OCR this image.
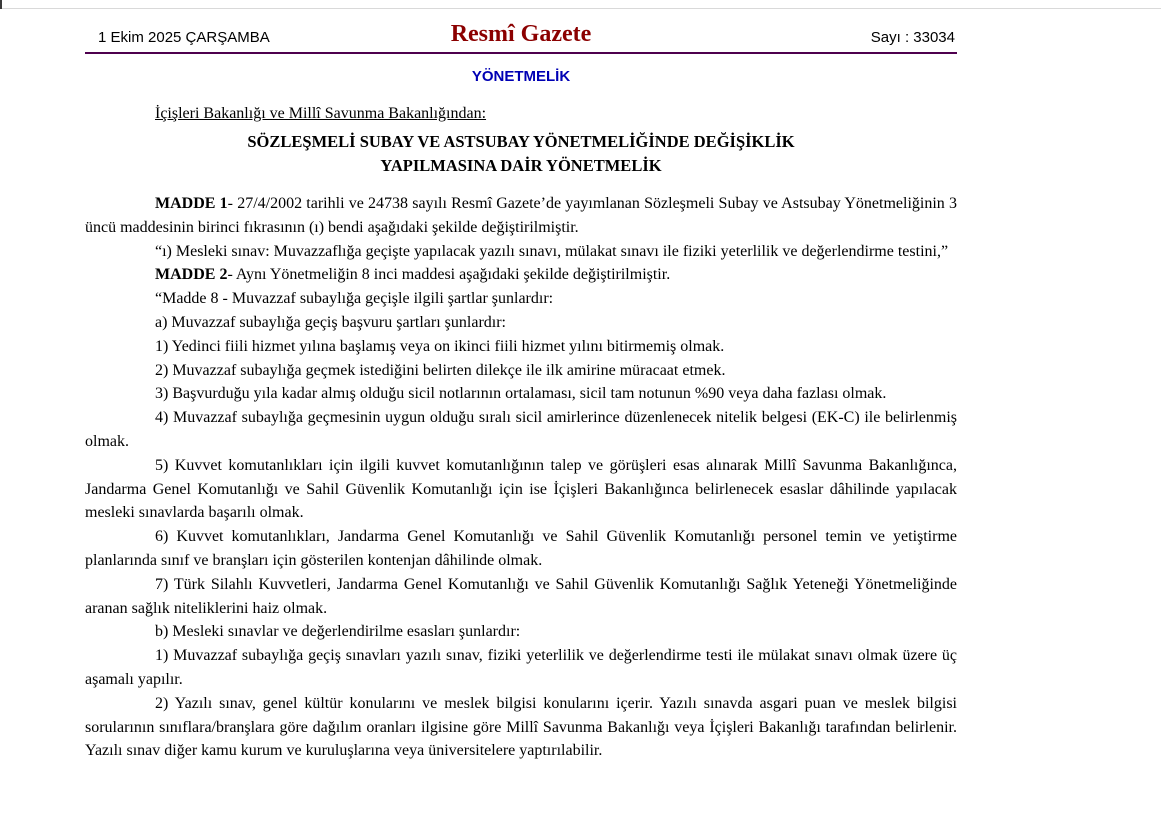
1 Ekim 2025 ÇARŞAMBA	Resmî Gazete	Sayı : 33034
YÖNETMELİK
İçişleri Bakanlığı ve Millî Savunma Bakanlığından:
SÖZLEŞMELİ SUBAY VE ASTSUBAY YÖNETMELİĞİNDE DEĞİŞİKLİK
YAPILMASINA DAİR YÖNETMELİK

MADDE 1- 27/4/2002 tarihli ve 24738 sayılı Resmî Gazete’de yayımlanan Sözleşmeli Subay ve Astsubay Yönetmeliğinin 3 üncü maddesinin birinci fıkrasının (ı) bendi aşağıdaki şekilde değiştirilmiştir.

“ı) Mesleki sınav: Muvazzaflığa geçişte yapılacak yazılı sınavı, mülakat sınavı ile fiziki yeterlilik ve değerlendirme testini,”

MADDE 2- Aynı Yönetmeliğin 8 inci maddesi aşağıdaki şekilde değiştirilmiştir.

“Madde 8 - Muvazzaf subaylığa geçişle ilgili şartlar şunlardır:

a) Muvazzaf subaylığa geçiş başvuru şartları şunlardır:

1) Yedinci fiili hizmet yılına başlamış veya on ikinci fiili hizmet yılını bitirmemiş olmak.

2) Muvazzaf subaylığa geçmek istediğini belirten dilekçe ile ilk amirine müracaat etmek.

3) Başvurduğu yıla kadar almış olduğu sicil notlarının ortalaması, sicil tam notunun %90 veya daha fazlası olmak.

4) Muvazzaf subaylığa geçmesinin uygun olduğu sıralı sicil amirlerince düzenlenecek nitelik belgesi (EK-C) ile belirlenmiş olmak.

5) Kuvvet komutanlıkları için ilgili kuvvet komutanlığının talep ve görüşleri esas alınarak Millî Savunma Bakanlığınca, Jandarma Genel Komutanlığı ve Sahil Güvenlik Komutanlığı için ise İçişleri Bakanlığınca belirlenecek esaslar dâhilinde yapılacak mesleki sınavlarda başarılı olmak.

6) Kuvvet komutanlıkları, Jandarma Genel Komutanlığı ve Sahil Güvenlik Komutanlığı personel temin ve yetiştirme planlarında sınıf ve branşları için gösterilen kontenjan dâhilinde olmak.

7) Türk Silahlı Kuvvetleri, Jandarma Genel Komutanlığı ve Sahil Güvenlik Komutanlığı Sağlık Yeteneği Yönetmeliğinde aranan sağlık niteliklerini haiz olmak.

b) Mesleki sınavlar ve değerlendirilme esasları şunlardır:

1) Muvazzaf subaylığa geçiş sınavları yazılı sınav, fiziki yeterlilik ve değerlendirme testi ile mülakat sınavı olmak üzere üç aşamalı yapılır.

2) Yazılı sınav, genel kültür konularını ve meslek bilgisi konularını içerir. Yazılı sınavda asgari puan ve meslek bilgisi sorularının sınıflara/branşlara göre dağılım oranları ilgisine göre Millî Savunma Bakanlığı veya İçişleri Bakanlığı tarafından belirlenir. Yazılı sınav diğer kamu kurum ve kuruluşlarına veya üniversitelere yaptırılabilir.
